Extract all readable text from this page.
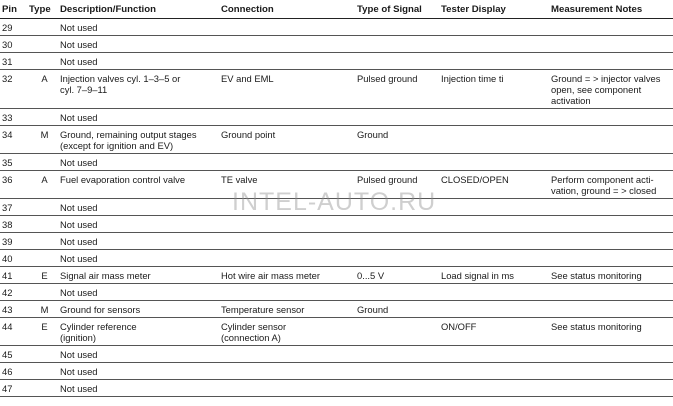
Pin	Type	Description/Function	Connection	Type of Signal	Tester Display	Measurement Notes
29		Not used				
30		Not used				
31		Not used				
32	A	Injection valves cyl. 1–3–5 or
cyl. 7–9–11	EV and EML	Pulsed ground	Injection time ti	Ground = > injector valves
open, see component
activation
33		Not used				
34	M	Ground, remaining output stages
(except for ignition and EV)	Ground point	Ground		
35		Not used				
36	A	Fuel evaporation control valve	TE valve	Pulsed ground	CLOSED/OPEN	Perform component acti-
vation, ground = > closed
37		Not used				
38		Not used				
39		Not used				
40		Not used				
41	E	Signal air mass meter	Hot wire air mass meter	0...5 V	Load signal in ms	See status monitoring
42		Not used				
43	M	Ground for sensors	Temperature sensor	Ground		
44	E	Cylinder reference
(ignition)	Cylinder sensor
(connection A)		ON/OFF	See status monitoring
45		Not used				
46		Not used				
47		Not used				
INTEL-AUTO.RU
